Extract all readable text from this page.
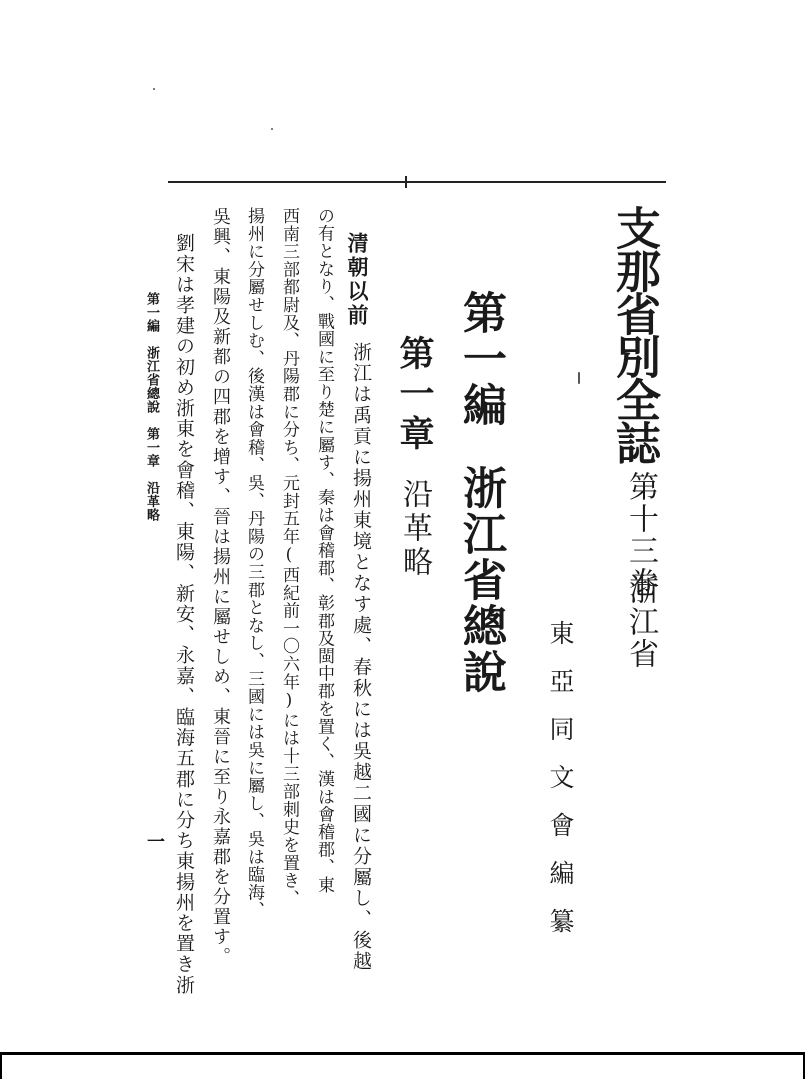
支那省別全誌
第十三卷
浙江省
東亞同文會編纂
第一編
浙江省總說
第一章
沿革略
清朝以前
浙江は禹貢に揚州東境となす處、春秋には吳越二國に分屬し、後越
の有となり、戰國に至り楚に屬す、秦は會稽郡、彰郡及閩中郡を置く、漢は會稽郡、東
西南三部都尉及、丹陽郡に分ち、元封五年(西紀前一〇六年)には十三部刺史を置き、
揚州に分屬せしむ、後漢は會稽、吳、丹陽の三郡となし、三國には吳に屬し、吳は臨海、
吳興、東陽及新都の四郡を增す、晉は揚州に屬せしめ、東晉に至り永嘉郡を分置す。
劉宋は孝建の初め浙東を會稽、東陽、新安、永嘉、臨海五郡に分ち東揚州を置き浙
第一編　浙江省總說　第一章　沿革略
一
